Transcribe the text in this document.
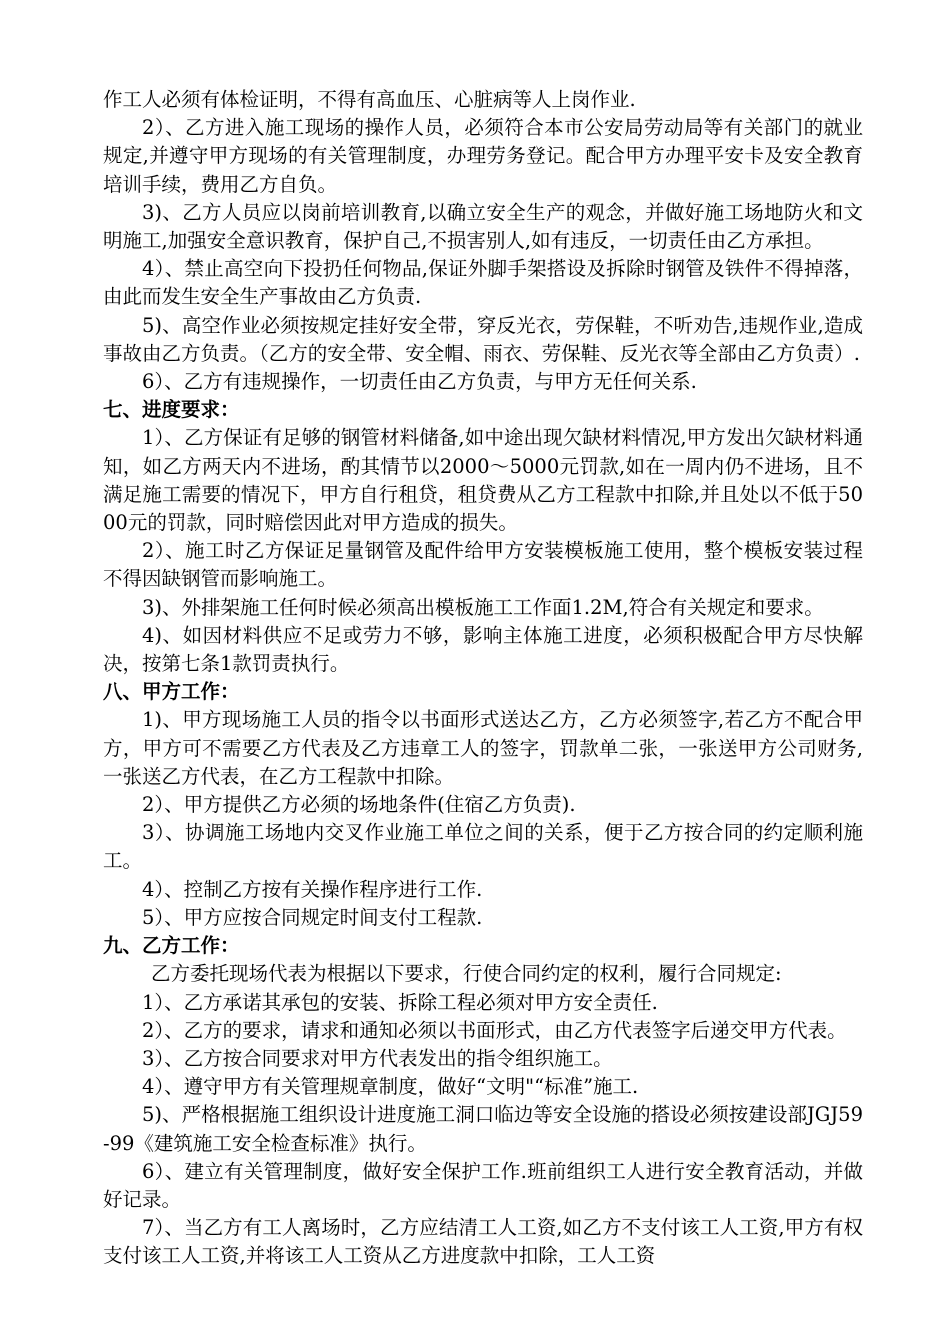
作工人必须有体检证明，不得有高血压、心脏病等人上岗作业.

2）、乙方进入施工现场的操作人员，必须符合本市公安局劳动局等有关部门的就业规定,并遵守甲方现场的有关管理制度，办理劳务登记。配合甲方办理平安卡及安全教育培训手续，费用乙方自负。

3)、乙方人员应以岗前培训教育,以确立安全生产的观念，并做好施工场地防火和文明施工,加强安全意识教育，保护自己,不损害别人,如有违反，一切责任由乙方承担。

4）、禁止高空向下投扔任何物品,保证外脚手架搭设及拆除时钢管及铁件不得掉落，由此而发生安全生产事故由乙方负责.

5)、高空作业必须按规定挂好安全带，穿反光衣，劳保鞋，不听劝告,违规作业,造成事故由乙方负责。（乙方的安全带、安全帽、雨衣、劳保鞋、反光衣等全部由乙方负责）.

6）、乙方有违规操作，一切责任由乙方负责，与甲方无任何关系.

七、进度要求：

1）、乙方保证有足够的钢管材料储备,如中途出现欠缺材料情况,甲方发出欠缺材料通知，如乙方两天内不进场，酌其情节以2000～5000元罚款,如在一周内仍不进场，且不满足施工需要的情况下，甲方自行租贷，租贷费从乙方工程款中扣除,并且处以不低于5000元的罚款，同时赔偿因此对甲方造成的损失。

2）、施工时乙方保证足量钢管及配件给甲方安装模板施工使用，整个模板安装过程不得因缺钢管而影响施工。

3)、外排架施工任何时候必须高出模板施工工作面1.2M,符合有关规定和要求。

4)、如因材料供应不足或劳力不够，影响主体施工进度，必须积极配合甲方尽快解决，按第七条1款罚责执行。

八、甲方工作：

1)、甲方现场施工人员的指令以书面形式送达乙方，乙方必须签字,若乙方不配合甲方，甲方可不需要乙方代表及乙方违章工人的签字，罚款单二张，一张送甲方公司财务,一张送乙方代表，在乙方工程款中扣除。

2）、甲方提供乙方必须的场地条件(住宿乙方负责).

3）、协调施工场地内交叉作业施工单位之间的关系，便于乙方按合同的约定顺利施工。

4）、控制乙方按有关操作程序进行工作.

5）、甲方应按合同规定时间支付工程款.

九、乙方工作：

乙方委托现场代表为根据以下要求，行使合同约定的权利，履行合同规定:

1）、乙方承诺其承包的安装、拆除工程必须对甲方安全责任.

2）、乙方的要求，请求和通知必须以书面形式，由乙方代表签字后递交甲方代表。

3）、乙方按合同要求对甲方代表发出的指令组织施工。

4）、遵守甲方有关管理规章制度，做好“文明"“标准”施工.

5)、严格根据施工组织设计进度施工洞口临边等安全设施的搭设必须按建设部JGJ59-99《建筑施工安全检查标准》执行。

6）、建立有关管理制度，做好安全保护工作.班前组织工人进行安全教育活动，并做好记录。

7）、当乙方有工人离场时，乙方应结清工人工资,如乙方不支付该工人工资,甲方有权支付该工人工资,并将该工人工资从乙方进度款中扣除，工人工资
